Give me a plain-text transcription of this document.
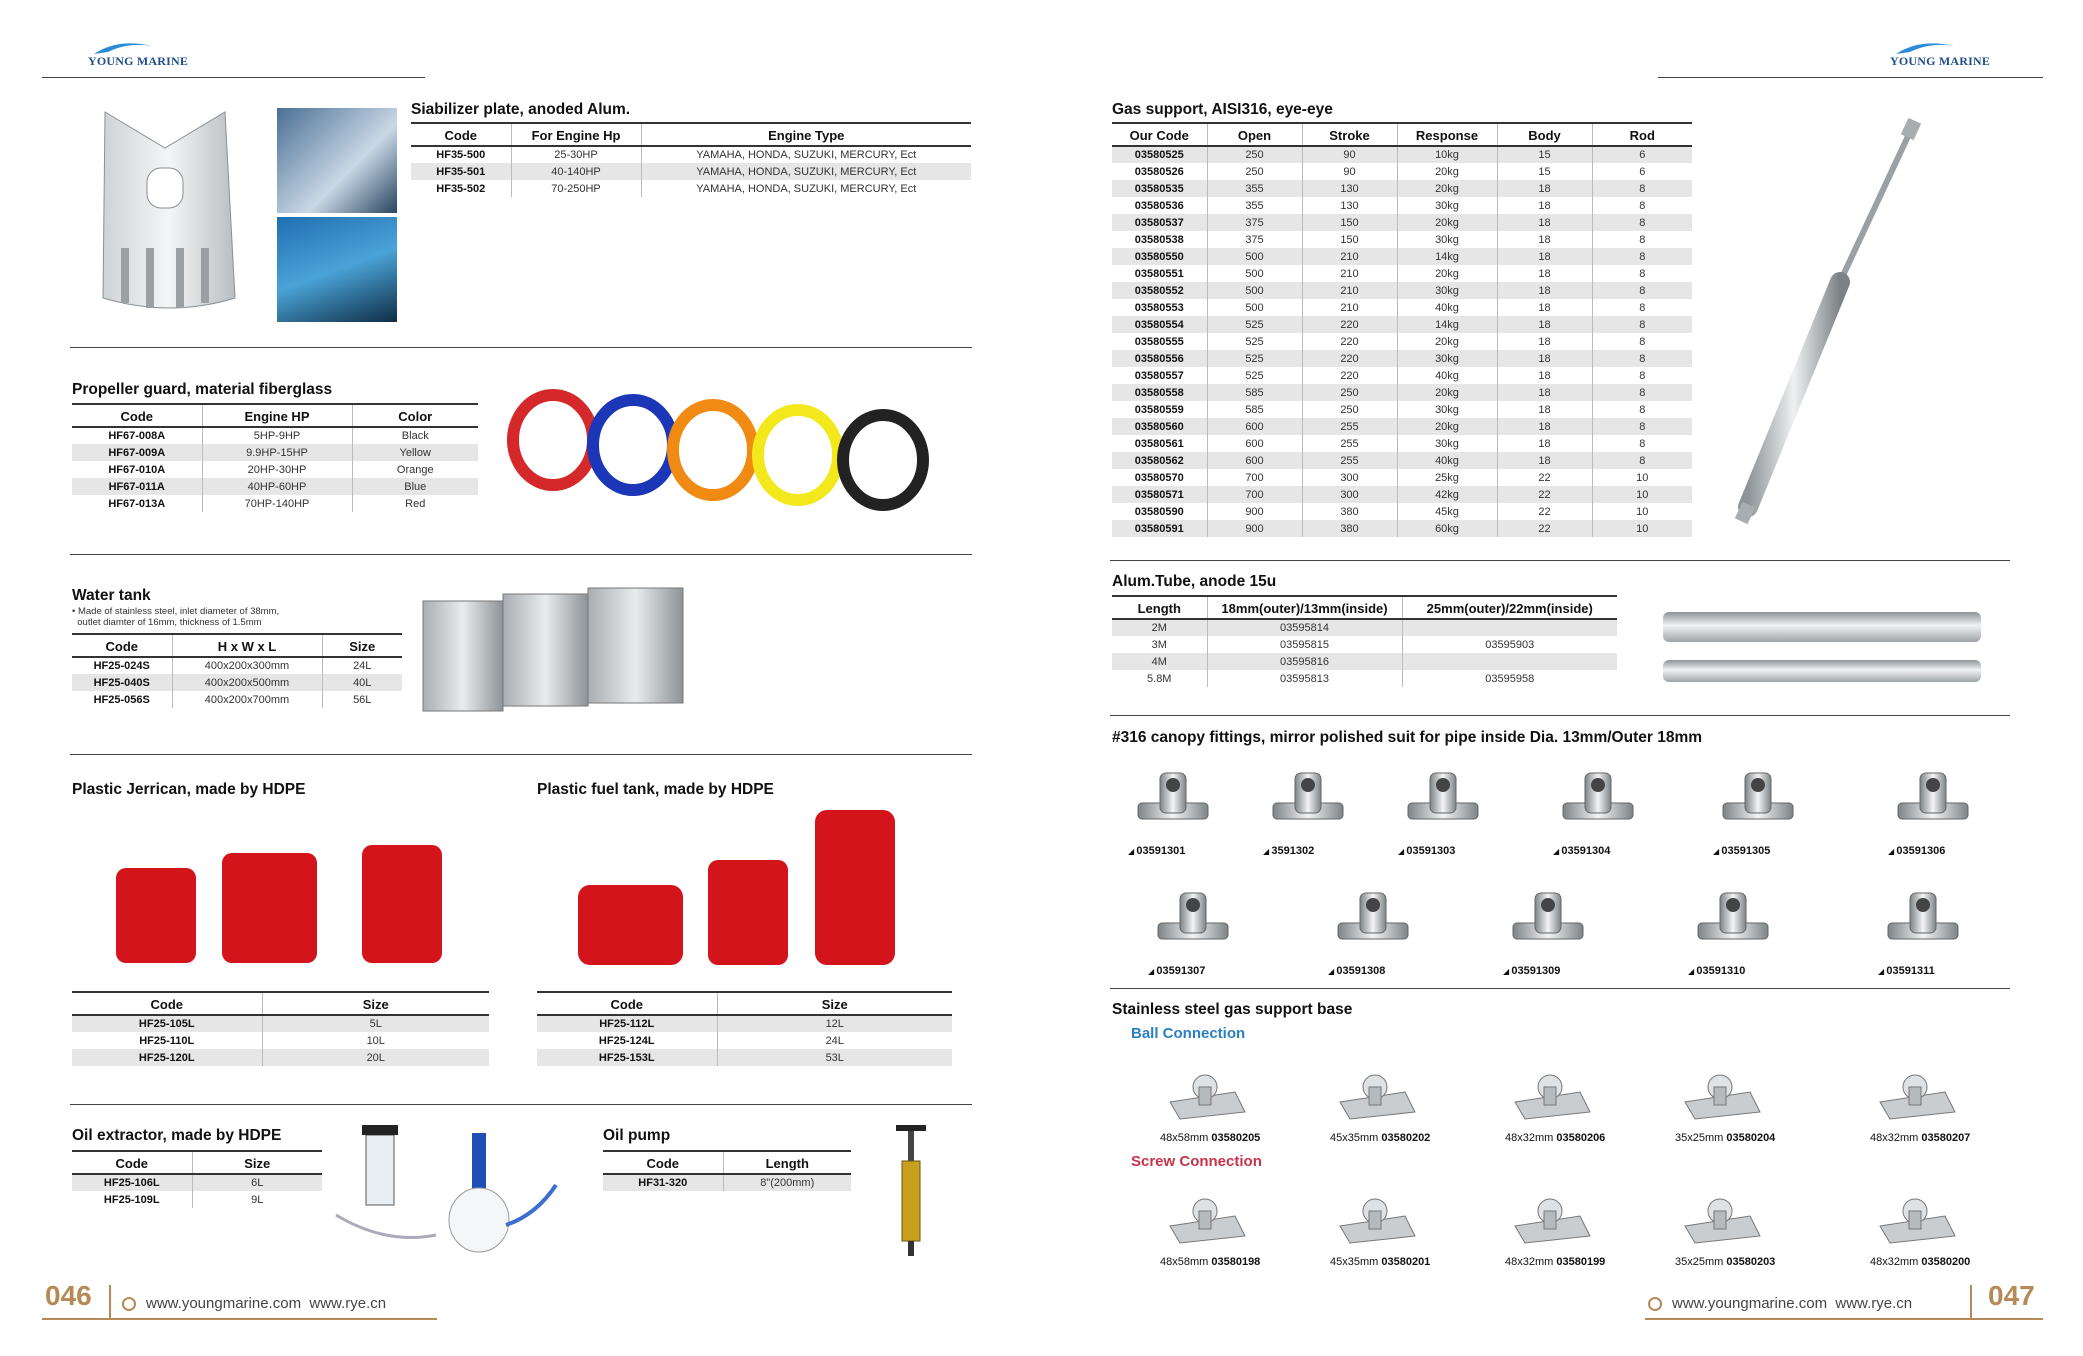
YOUNG MARINE	YOUNG MARINE
Siabilizer plate, anoded Alum.
Code	For Engine Hp	Engine Type
HF35-500	25-30HP	YAMAHA, HONDA, SUZUKI, MERCURY, Ect
HF35-501	40-140HP	YAMAHA, HONDA, SUZUKI, MERCURY, Ect
HF35-502	70-250HP	YAMAHA, HONDA, SUZUKI, MERCURY, Ect
Propeller guard, material fiberglass
Code	Engine HP	Color
HF67-008A	5HP-9HP	Black
HF67-009A	9.9HP-15HP	Yellow
HF67-010A	20HP-30HP	Orange
HF67-011A	40HP-60HP	Blue
HF67-013A	70HP-140HP	Red
Water tank
• Made of stainless steel, inlet diameter of 38mm,
outlet diamter of 16mm, thickness of 1.5mm
Code	H x W x L	Size
HF25-024S	400x200x300mm	24L
HF25-040S	400x200x500mm	40L
HF25-056S	400x200x700mm	56L
Plastic Jerrican, made by HDPE
Code	Size
HF25-105L	5L
HF25-110L	10L
HF25-120L	20L
Plastic fuel tank, made by HDPE
Code	Size
HF25-112L	12L
HF25-124L	24L
HF25-153L	53L
Oil extractor, made by HDPE
Code	Size
HF25-106L	6L
HF25-109L	9L
Oil pump
Code	Length
HF31-320	8"(200mm)
046	www.youngmarine.com  www.rye.cn
Gas support, AISI316, eye-eye
Our Code	Open	Stroke	Response	Body	Rod
03580525	250	90	10kg	15	6
03580526	250	90	20kg	15	6
03580535	355	130	20kg	18	8
03580536	355	130	30kg	18	8
03580537	375	150	20kg	18	8
03580538	375	150	30kg	18	8
03580550	500	210	14kg	18	8
03580551	500	210	20kg	18	8
03580552	500	210	30kg	18	8
03580553	500	210	40kg	18	8
03580554	525	220	14kg	18	8
03580555	525	220	20kg	18	8
03580556	525	220	30kg	18	8
03580557	525	220	40kg	18	8
03580558	585	250	20kg	18	8
03580559	585	250	30kg	18	8
03580560	600	255	20kg	18	8
03580561	600	255	30kg	18	8
03580562	600	255	40kg	18	8
03580570	700	300	25kg	22	10
03580571	700	300	42kg	22	10
03580590	900	380	45kg	22	10
03580591	900	380	60kg	22	10
Alum.Tube, anode 15u
Length	18mm(outer)/13mm(inside)	25mm(outer)/22mm(inside)
2M	03595814	
3M	03595815	03595903
4M	03595816	
5.8M	03595813	03595958
#316 canopy fittings, mirror polished suit for pipe inside Dia. 13mm/Outer 18mm
◢ 03591301	◢ 3591302	◢ 03591303	◢ 03591304	◢ 03591305	◢ 03591306
◢ 03591307	◢ 03591308	◢ 03591309	◢ 03591310	◢ 03591311
Stainless steel gas support base
Ball Connection
Screw Connection
48x58mm 03580205	45x35mm 03580202	48x32mm 03580206	35x25mm 03580204	48x32mm 03580207
48x58mm 03580198	45x35mm 03580201	48x32mm 03580199	35x25mm 03580203	48x32mm 03580200
www.youngmarine.com  www.rye.cn	047
